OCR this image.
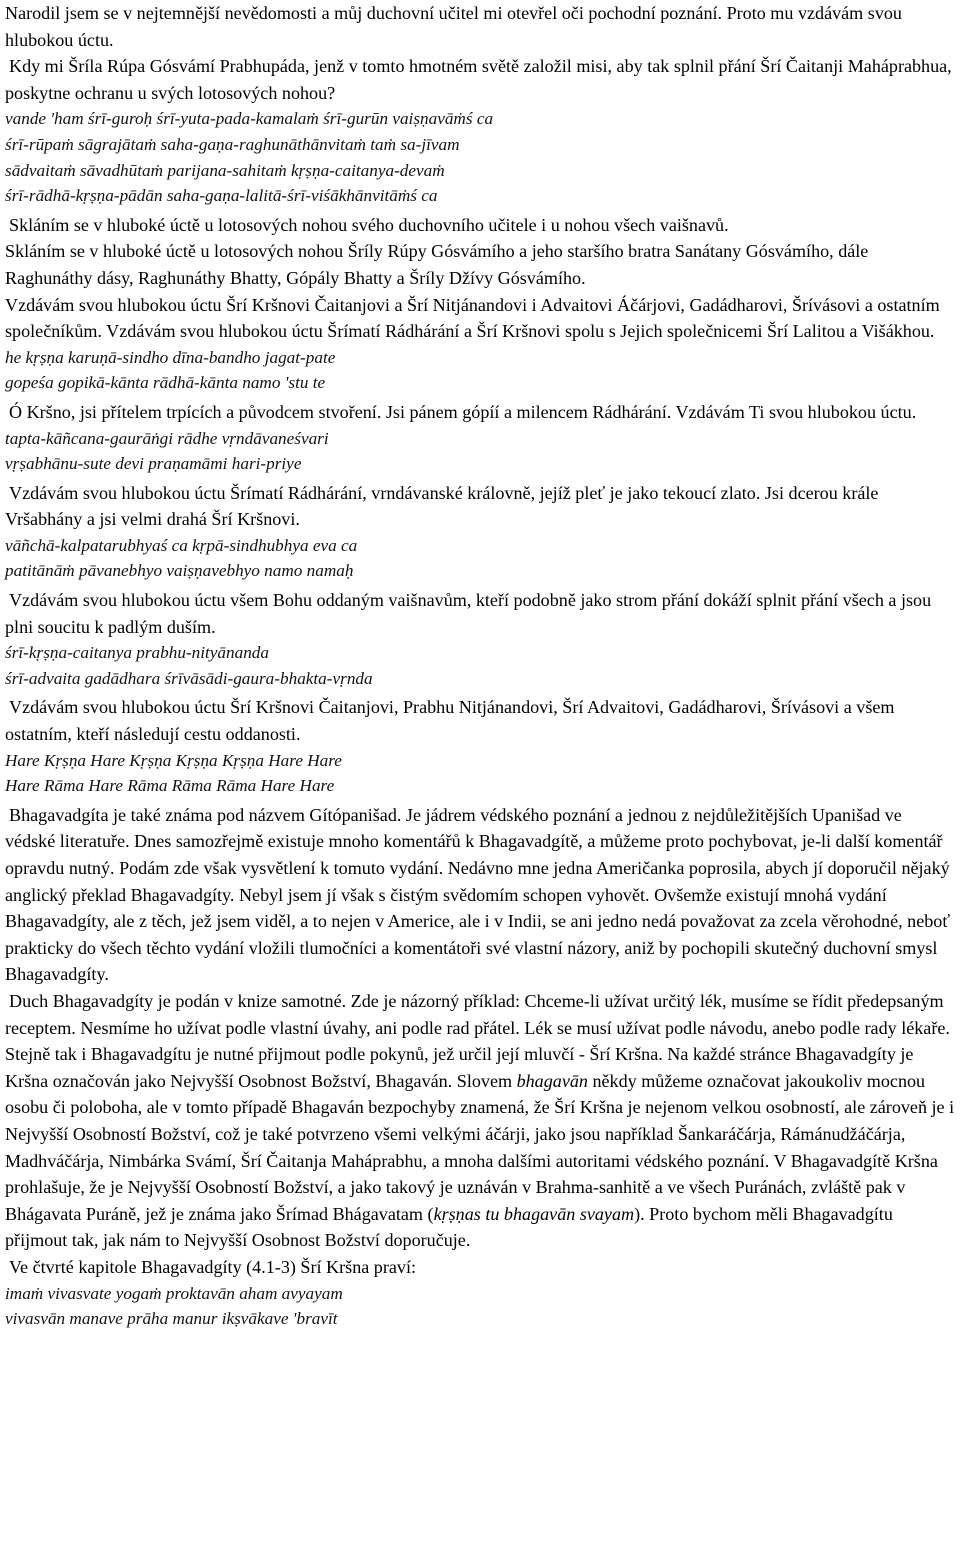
Narodil jsem se v nejtemnější nevědomosti a můj duchovní učitel mi otevřel oči pochodní poznání. Proto mu vzdávám svou hlubokou úctu.

Kdy mi Šríla Rúpa Gósvámí Prabhupáda, jenž v tomto hmotném světě založil misi, aby tak splnil přání Šrí Čaitanji Maháprabhua, poskytne ochranu u svých lotosových nohou?

vande 'ham śrī-guroḥ śrī-yuta-pada-kamalaṁ śrī-gurūn vaiṣṇavāṁś ca
śrī-rūpaṁ sāgrajātaṁ saha-gaṇa-raghunāthānvitaṁ taṁ sa-jīvam
sādvaitaṁ sāvadhūtaṁ parijana-sahitaṁ kṛṣṇa-caitanya-devaṁ
śrī-rādhā-kṛṣṇa-pādān saha-gaṇa-lalitā-śrī-viśākhānvitāṁś ca

Skláním se v hluboké úctě u lotosových nohou svého duchovního učitele i u nohou všech vaišnavů.

Skláním se v hluboké úctě u lotosových nohou Šríly Rúpy Gósvámího a jeho staršího bratra Sanátany Gósvámího, dále Raghunáthy dásy, Raghunáthy Bhatty, Gópály Bhatty a Šríly Džívy Gósvámího.

Vzdávám svou hlubokou úctu Šrí Kršnovi Čaitanjovi a Šrí Nitjánandovi i Advaitovi Áčárjovi, Gadádharovi, Šrívásovi a ostatním společníkům. Vzdávám svou hlubokou úctu Šrímatí Rádhárání a Šrí Kršnovi spolu s Jejich společnicemi Šrí Lalitou a Višákhou.

he kṛṣṇa karuṇā-sindho dīna-bandho jagat-pate
gopeśa gopikā-kānta rādhā-kānta namo 'stu te

Ó Kršno, jsi přítelem trpících a původcem stvoření. Jsi pánem gópíí a milencem Rádhárání. Vzdávám Ti svou hlubokou úctu.

tapta-kāñcana-gaurāṅgi rādhe vṛndāvaneśvari
vṛṣabhānu-sute devi praṇamāmi hari-priye

Vzdávám svou hlubokou úctu Šrímatí Rádhárání, vrndávanské královně, jejíž pleť je jako tekoucí zlato. Jsi dcerou krále Vršabhány a jsi velmi drahá Šrí Kršnovi.

vāñchā-kalpatarubhyaś ca kṛpā-sindhubhya eva ca
patitānāṁ pāvanebhyo vaiṣṇavebhyo namo namaḥ

Vzdávám svou hlubokou úctu všem Bohu oddaným vaišnavům, kteří podobně jako strom přání dokáží splnit přání všech a jsou plni soucitu k padlým duším.

śrī-kṛṣṇa-caitanya prabhu-nityānanda
śrī-advaita gadādhara śrīvāsādi-gaura-bhakta-vṛnda

Vzdávám svou hlubokou úctu Šrí Kršnovi Čaitanjovi, Prabhu Nitjánandovi, Šrí Advaitovi, Gadádharovi, Šrívásovi a všem ostatním, kteří následují cestu oddanosti.

Hare Kṛṣṇa Hare Kṛṣṇa Kṛṣṇa Kṛṣṇa Hare Hare
Hare Rāma Hare Rāma Rāma Rāma Hare Hare

Bhagavadgíta je také známa pod názvem Gítópanišad. Je jádrem védského poznání a jednou z nejdůležitějších Upanišad ve védské literatuře. Dnes samozřejmě existuje mnoho komentářů k Bhagavadgítě, a můžeme proto pochybovat, je-li další komentář opravdu nutný. Podám zde však vysvětlení k tomuto vydání. Nedávno mne jedna Američanka poprosila, abych jí doporučil nějaký anglický překlad Bhagavadgíty. Nebyl jsem jí však s čistým svědomím schopen vyhovět. Ovšemže existují mnohá vydání Bhagavadgíty, ale z těch, jež jsem viděl, a to nejen v Americe, ale i v Indii, se ani jedno nedá považovat za zcela věrohodné, neboť prakticky do všech těchto vydání vložili tlumočníci a komentátoři své vlastní názory, aniž by pochopili skutečný duchovní smysl Bhagavadgíty.

Duch Bhagavadgíty je podán v knize samotné. Zde je názorný příklad: Chceme-li užívat určitý lék, musíme se řídit předepsaným receptem. Nesmíme ho užívat podle vlastní úvahy, ani podle rad přátel. Lék se musí užívat podle návodu, anebo podle rady lékaře. Stejně tak i Bhagavadgítu je nutné přijmout podle pokynů, jež určil její mluvčí - Šrí Kršna. Na každé stránce Bhagavadgíty je Kršna označován jako Nejvyšší Osobnost Božství, Bhagaván. Slovem bhagavān někdy můžeme označovat jakoukoliv mocnou osobu či poloboha, ale v tomto případě Bhagaván bezpochyby znamená, že Šrí Kršna je nejenom velkou osobností, ale zároveň je i Nejvyšší Osobností Božství, což je také potvrzeno všemi velkými áčárji, jako jsou například Šankaráčárja, Rámánudžáčárja, Madhváčárja, Nimbárka Svámí, Šrí Čaitanja Maháprabhu, a mnoha dalšími autoritami védského poznání. V Bhagavadgítě Kršna prohlašuje, že je Nejvyšší Osobností Božství, a jako takový je uznáván v Brahma-sanhitě a ve všech Puránách, zvláště pak v Bhágavata Puráně, jež je známa jako Šrímad Bhágavatam (kṛṣṇas tu bhagavān svayam). Proto bychom měli Bhagavadgítu přijmout tak, jak nám to Nejvyšší Osobnost Božství doporučuje.

Ve čtvrté kapitole Bhagavadgíty (4.1-3) Šrí Kršna praví:

imaṁ vivasvate yogaṁ proktavān aham avyayam
vivasvān manave prāha manur ikṣvākave 'bravīt
